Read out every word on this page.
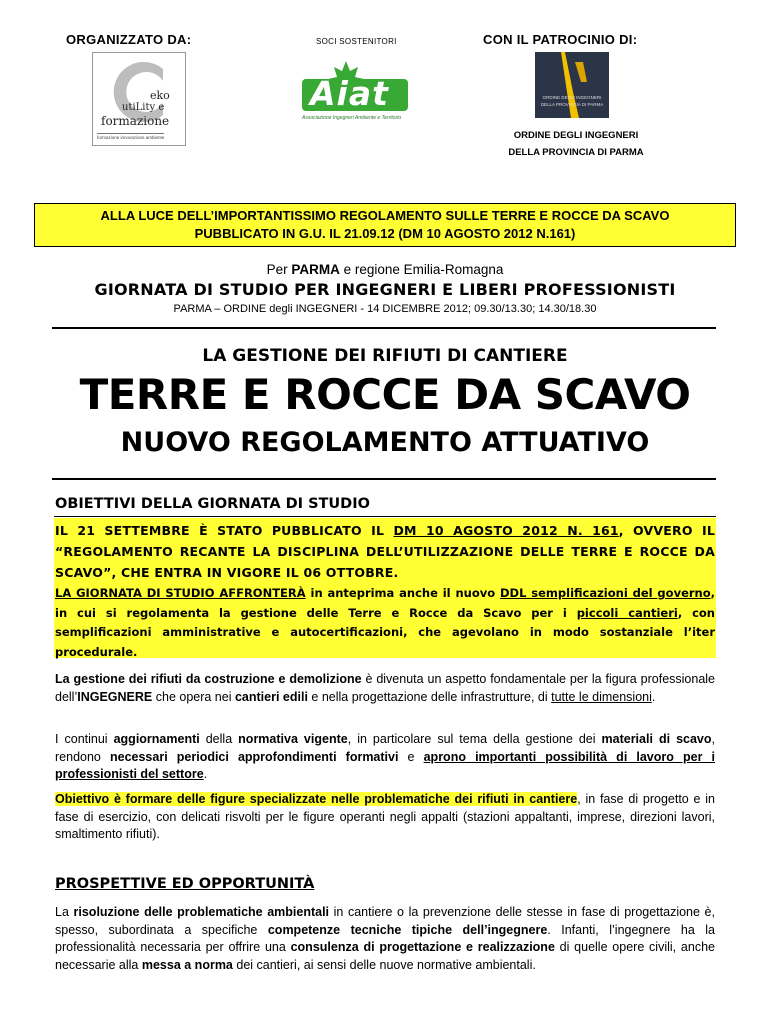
ORGANIZZATO DA:	SOCI SOSTENITORI	CON IL PATROCINIO DI:
eko
utiLity e
formazione
formazione innovazione ambiente
Aiat
Associazione Ingegneri Ambiente e Territorio
ORDINE DEGLI INGEGNERI DELLA PROVINCIA DI PARMA
ORDINE DEGLI INGEGNERI
DELLA PROVINCIA DI PARMA
ALLA LUCE DELL’IMPORTANTISSIMO REGOLAMENTO SULLE TERRE E ROCCE DA SCAVO
PUBBLICATO IN G.U. IL 21.09.12 (DM 10 AGOSTO 2012 N.161)
Per PARMA e regione Emilia-Romagna
GIORNATA DI STUDIO PER INGEGNERI E LIBERI PROFESSIONISTI
PARMA – ORDINE degli INGEGNERI - 14 DICEMBRE 2012; 09.30/13.30; 14.30/18.30
LA GESTIONE DEI RIFIUTI DI CANTIERE
TERRE E ROCCE DA SCAVO
NUOVO REGOLAMENTO ATTUATIVO
OBIETTIVI DELLA GIORNATA DI STUDIO

IL 21 SETTEMBRE È STATO PUBBLICATO IL DM 10 AGOSTO 2012 N. 161, OVVERO IL “REGOLAMENTO RECANTE LA DISCIPLINA DELL’UTILIZZAZIONE DELLE TERRE E ROCCE DA SCAVO”, CHE ENTRA IN VIGORE IL 06 OTTOBRE.

LA GIORNATA DI STUDIO AFFRONTERÀ in anteprima anche il nuovo DDL semplificazioni del governo, in cui si regolamenta la gestione delle Terre e Rocce da Scavo per i piccoli cantieri, con semplificazioni amministrative e autocertificazioni, che agevolano in modo sostanziale l’iter procedurale.

La gestione dei rifiuti da costruzione e demolizione è divenuta un aspetto fondamentale per la figura professionale dell’INGEGNERE che opera nei cantieri edili e nella progettazione delle infrastrutture, di tutte le dimensioni.

I continui aggiornamenti della normativa vigente, in particolare sul tema della gestione dei materiali di scavo, rendono necessari periodici approfondimenti formativi e aprono importanti possibilità di lavoro per i professionisti del settore.

Obiettivo è formare delle figure specializzate nelle problematiche dei rifiuti in cantiere, in fase di progetto e in fase di esercizio, con delicati risvolti per le figure operanti negli appalti (stazioni appaltanti, imprese, direzioni lavori, smaltimento rifiuti).

PROSPETTIVE ED OPPORTUNITÀ

La risoluzione delle problematiche ambientali in cantiere o la prevenzione delle stesse in fase di progettazione è, spesso, subordinata a specifiche competenze tecniche tipiche dell’ingegnere. Infanti, l’ingegnere ha la professionalità necessaria per offrire una consulenza di progettazione e realizzazione di quelle opere civili, anche necessarie alla messa a norma dei cantieri, ai sensi delle nuove normative ambientali.
